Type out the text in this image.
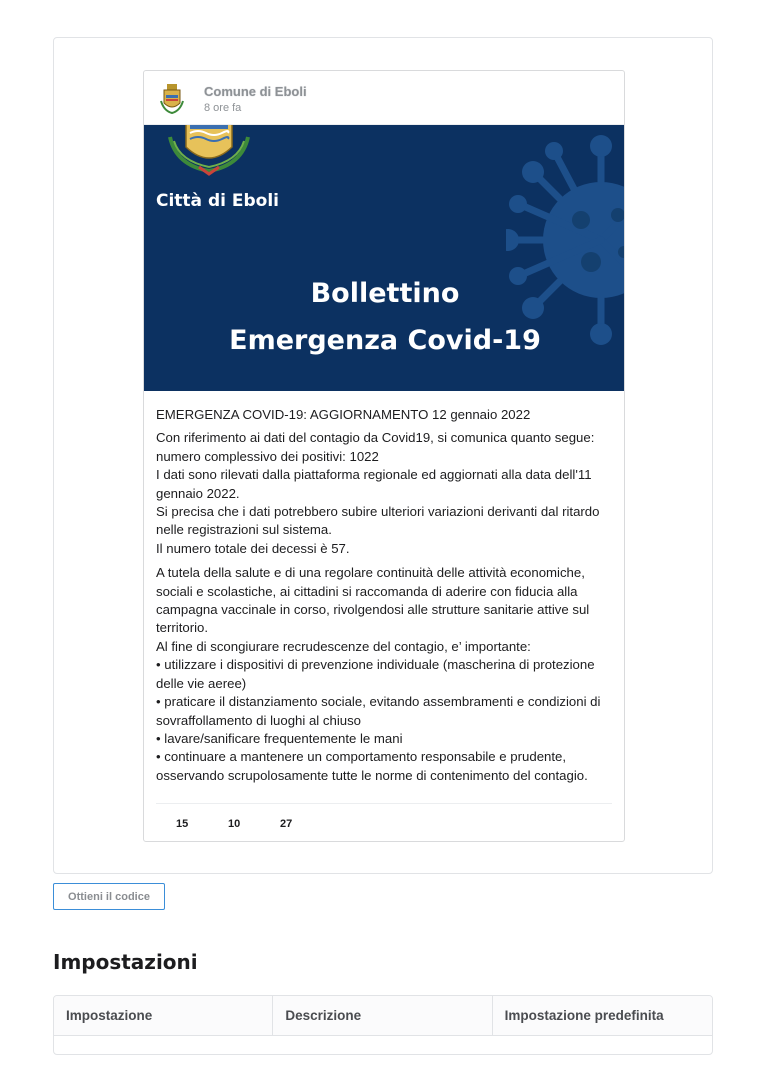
Comune di Eboli
8 ore fa
Città di Eboli
Bollettino
Emergenza Covid-19

EMERGENZA COVID-19: AGGIORNAMENTO 12 gennaio 2022

Con riferimento ai dati del contagio da Covid19, si comunica quanto segue:

numero complessivo dei positivi: 1022

I dati sono rilevati dalla piattaforma regionale ed aggiornati alla data dell'11 gennaio 2022.

Si precisa che i dati potrebbero subire ulteriori variazioni derivanti dal ritardo nelle registrazioni sul sistema.

Il numero totale dei decessi è 57.

A tutela della salute e di una regolare continuità delle attività economiche, sociali e scolastiche, ai cittadini si raccomanda di aderire con fiducia alla campagna vaccinale in corso, rivolgendosi alle strutture sanitarie attive sul territorio.

Al fine di scongiurare recrudescenze del contagio, e’ importante:

• utilizzare i dispositivi di prevenzione individuale (mascherina di protezione delle vie aeree)

• praticare il distanziamento sociale, evitando assembramenti e condizioni di sovraffollamento di luoghi al chiuso

• lavare/sanificare frequentemente le mani

• continuare a mantenere un comportamento responsabile e prudente, osservando scrupolosamente tutte le norme di contenimento del contagio.

15	10	27
Ottieni il codice
Impostazioni
Impostazione	Descrizione	Impostazione predefinita
